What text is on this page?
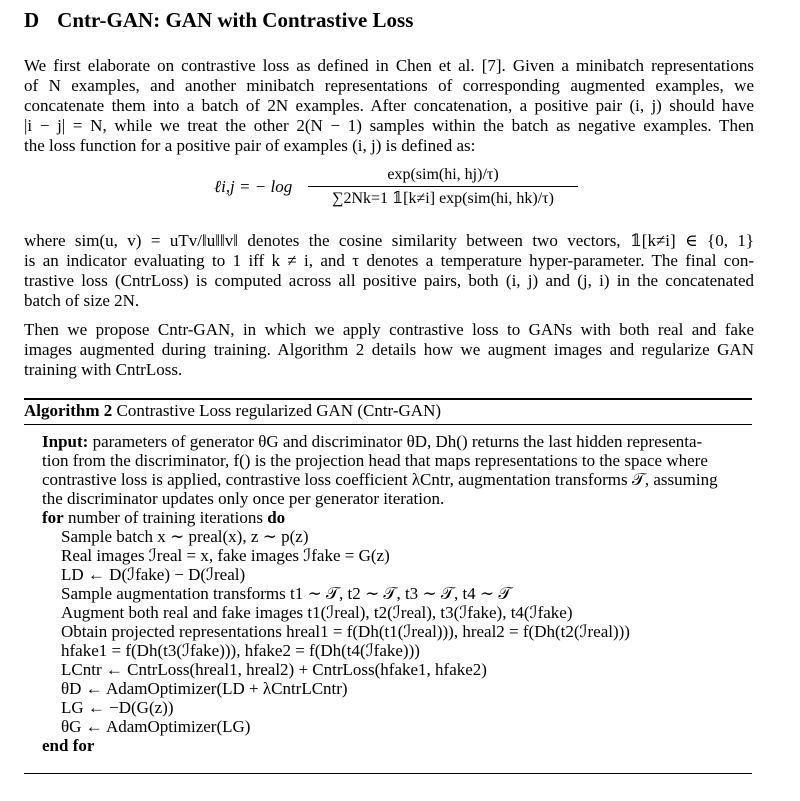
D Cntr-GAN: GAN with Contrastive Loss
We first elaborate on contrastive loss as defined in Chen et al. [7]. Given a minibatch representations
of N examples, and another minibatch representations of corresponding augmented examples, we
concatenate them into a batch of 2N examples. After concatenation, a positive pair (i, j) should have
|i − j| = N, while we treat the other 2(N − 1) samples within the batch as negative examples. Then
the loss function for a positive pair of examples (i, j) is defined as:
ℓi,j = − log
exp(sim(hi, hj)/τ)
∑2Nk=1 𝟙[k≠i] exp(sim(hi, hk)/τ)
where sim(u, v) = uTv/‖u‖‖v‖ denotes the cosine similarity between two vectors, 𝟙[k≠i] ∈ {0, 1}
is an indicator evaluating to 1 iff k ≠ i, and τ denotes a temperature hyper-parameter. The final con-
trastive loss (CntrLoss) is computed across all positive pairs, both (i, j) and (j, i) in the concatenated
batch of size 2N.
Then we propose Cntr-GAN, in which we apply contrastive loss to GANs with both real and fake
images augmented during training. Algorithm 2 details how we augment images and regularize GAN
training with CntrLoss.
Algorithm 2 Contrastive Loss regularized GAN (Cntr-GAN)
Input: parameters of generator θG and discriminator θD, Dh() returns the last hidden representa-
tion from the discriminator, f() is the projection head that maps representations to the space where
contrastive loss is applied, contrastive loss coefficient λCntr, augmentation transforms 𝒯, assuming
the discriminator updates only once per generator iteration.
for number of training iterations do
Sample batch x ∼ preal(x), z ∼ p(z)
Real images ℐreal = x, fake images ℐfake = G(z)
LD ← D(ℐfake) − D(ℐreal)
Sample augmentation transforms t1 ∼ 𝒯, t2 ∼ 𝒯, t3 ∼ 𝒯, t4 ∼ 𝒯
Augment both real and fake images t1(ℐreal), t2(ℐreal), t3(ℐfake), t4(ℐfake)
Obtain projected representations hreal1 = f(Dh(t1(ℐreal))), hreal2 = f(Dh(t2(ℐreal)))
hfake1 = f(Dh(t3(ℐfake))), hfake2 = f(Dh(t4(ℐfake)))
LCntr ← CntrLoss(hreal1, hreal2) + CntrLoss(hfake1, hfake2)
θD ← AdamOptimizer(LD + λCntrLCntr)
LG ← −D(G(z))
θG ← AdamOptimizer(LG)
end for
